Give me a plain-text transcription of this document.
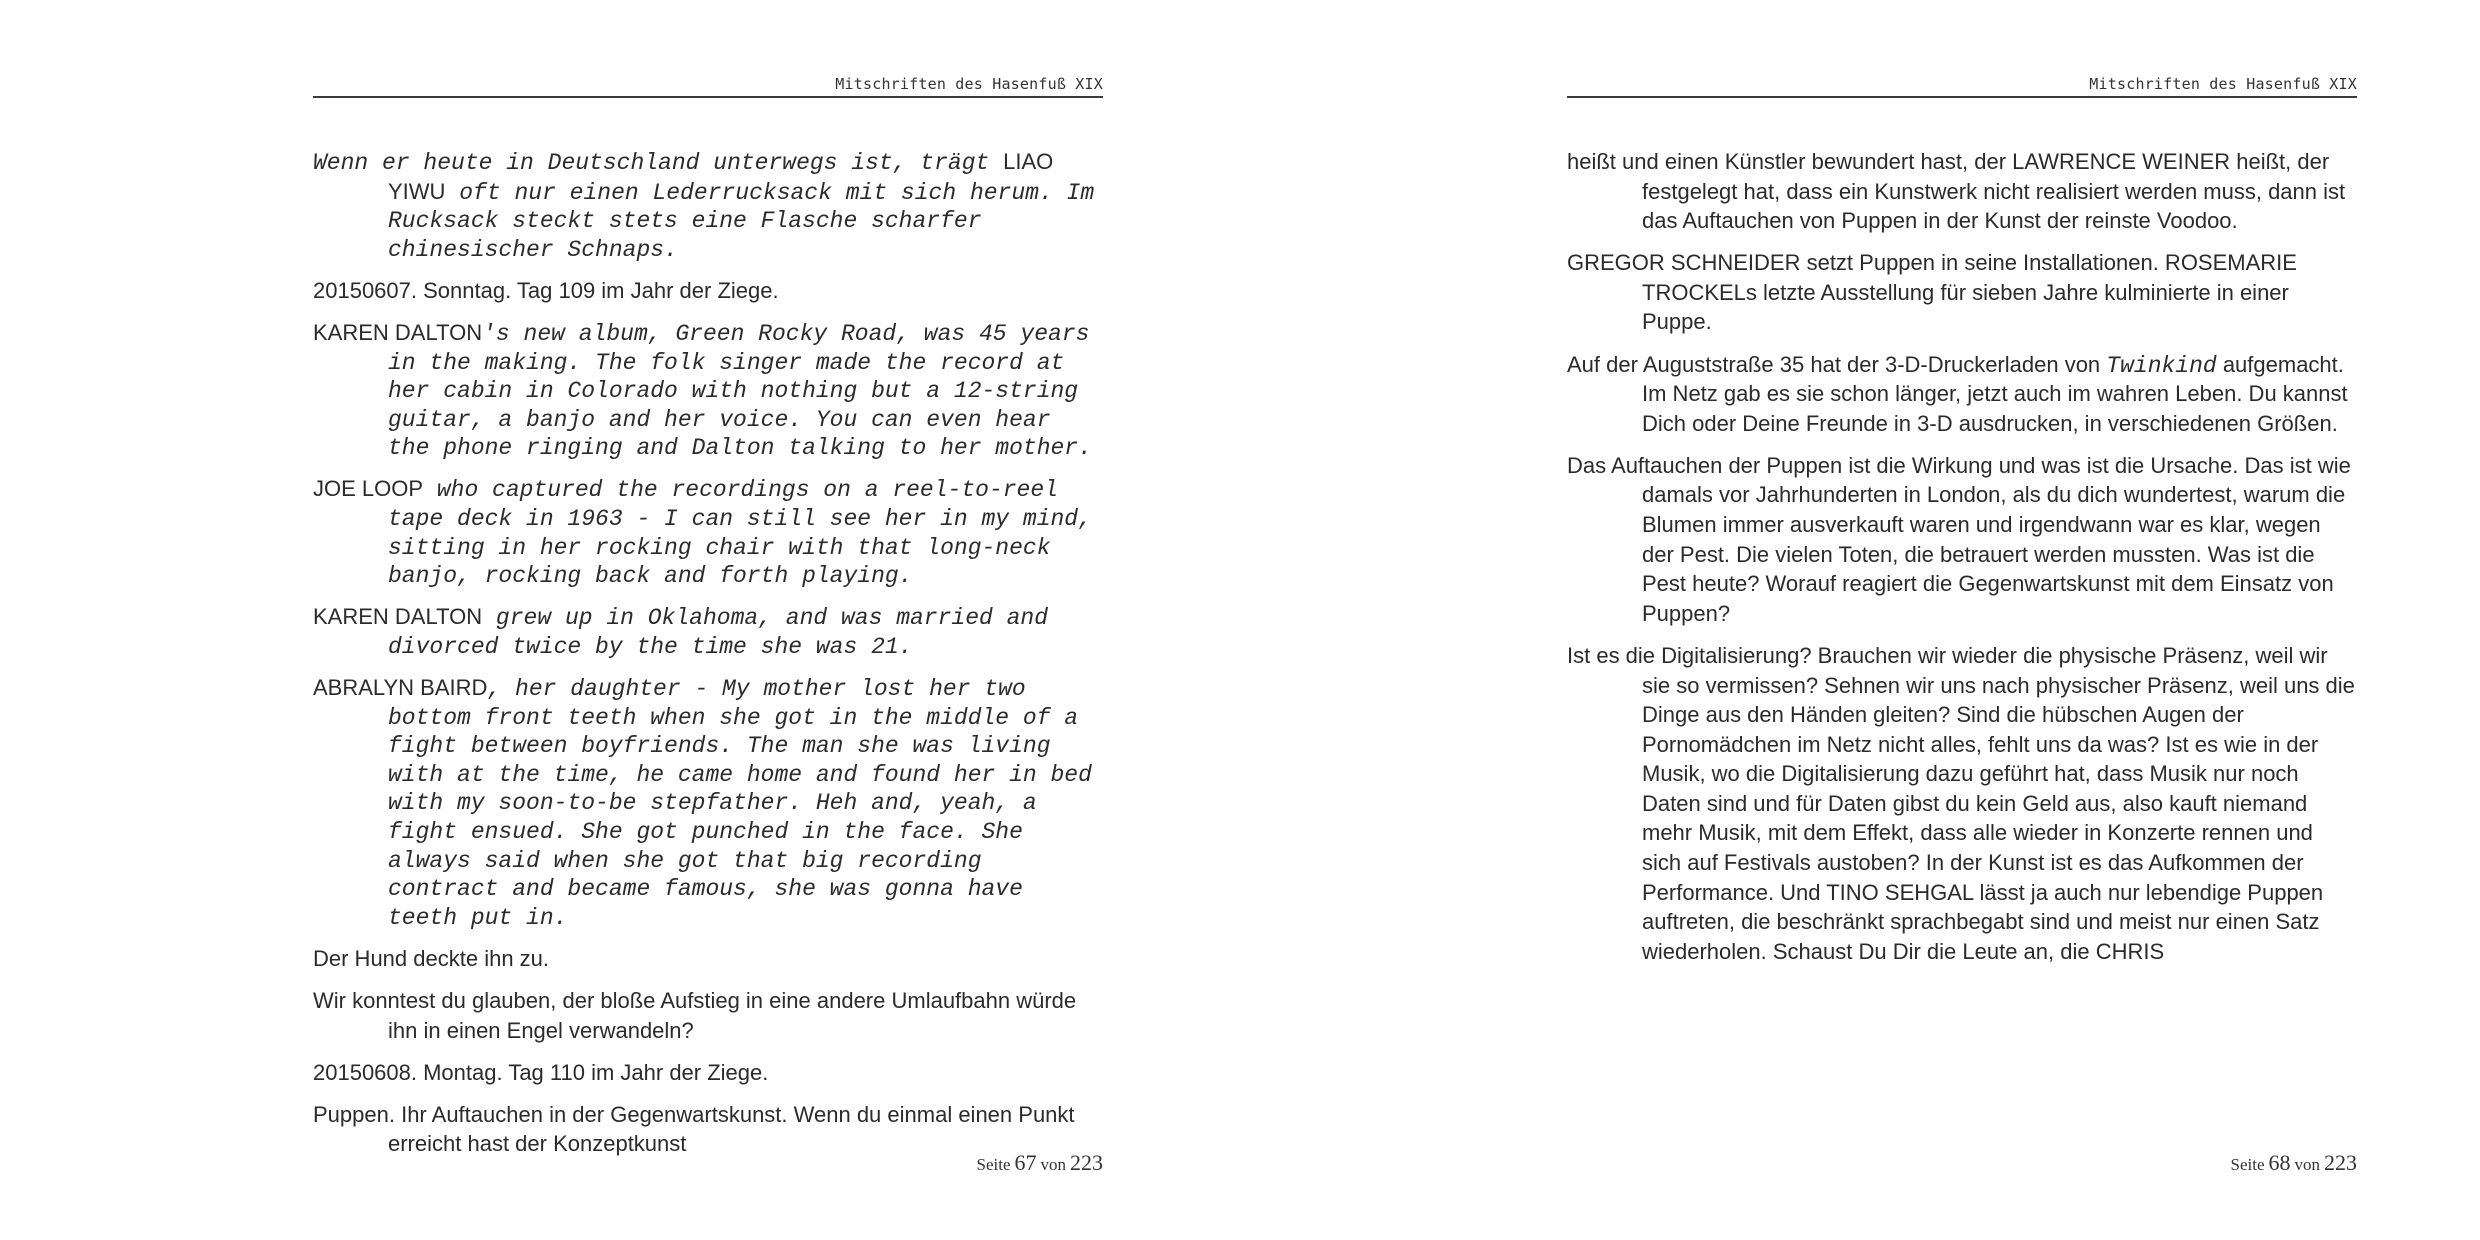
Mitschriften des Hasenfuß XIX

Wenn er heute in Deutschland unterwegs ist, trägt LIAO YIWU oft nur einen Lederrucksack mit sich herum. Im Rucksack steckt stets eine Flasche scharfer chinesischer Schnaps.

20150607. Sonntag. Tag 109 im Jahr der Ziege.

KAREN DALTON's new album, Green Rocky Road, was 45 years in the making. The folk singer made the record at her cabin in Colorado with nothing but a 12-string guitar, a banjo and her voice. You can even hear the phone ringing and Dalton talking to her mother.

JOE LOOP who captured the recordings on a reel-to-reel tape deck in 1963 - I can still see her in my mind, sitting in her rocking chair with that long-neck banjo, rocking back and forth playing.

KAREN DALTON grew up in Oklahoma, and was married and divorced twice by the time she was 21.

ABRALYN BAIRD, her daughter - My mother lost her two bottom front teeth when she got in the middle of a fight between boyfriends. The man she was living with at the time, he came home and found her in bed with my soon-to-be stepfather. Heh and, yeah, a fight ensued. She got punched in the face. She always said when she got that big recording contract and became famous, she was gonna have teeth put in.

Der Hund deckte ihn zu.

Wir konntest du glauben, der bloße Aufstieg in eine andere Umlaufbahn würde ihn in einen Engel verwandeln?

20150608. Montag. Tag 110 im Jahr der Ziege.

Puppen. Ihr Auftauchen in der Gegenwartskunst. Wenn du einmal einen Punkt erreicht hast der Konzeptkunst

Seite 67 von 223
Mitschriften des Hasenfuß XIX

heißt und einen Künstler bewundert hast, der LAWRENCE WEINER heißt, der festgelegt hat, dass ein Kunstwerk nicht realisiert werden muss, dann ist das Auftauchen von Puppen in der Kunst der reinste Voodoo.

GREGOR SCHNEIDER setzt Puppen in seine Installationen. ROSEMARIE TROCKELs letzte Ausstellung für sieben Jahre kulminierte in einer Puppe.

Auf der Auguststraße 35 hat der 3-D-Druckerladen von Twinkind aufgemacht. Im Netz gab es sie schon länger, jetzt auch im wahren Leben. Du kannst Dich oder Deine Freunde in 3-D ausdrucken, in verschiedenen Größen.

Das Auftauchen der Puppen ist die Wirkung und was ist die Ursache. Das ist wie damals vor Jahrhunderten in London, als du dich wundertest, warum die Blumen immer ausverkauft waren und irgendwann war es klar, wegen der Pest. Die vielen Toten, die betrauert werden mussten. Was ist die Pest heute? Worauf reagiert die Gegenwartskunst mit dem Einsatz von Puppen?

Ist es die Digitalisierung? Brauchen wir wieder die physische Präsenz, weil wir sie so vermissen? Sehnen wir uns nach physischer Präsenz, weil uns die Dinge aus den Händen gleiten? Sind die hübschen Augen der Pornomädchen im Netz nicht alles, fehlt uns da was? Ist es wie in der Musik, wo die Digitalisierung dazu geführt hat, dass Musik nur noch Daten sind und für Daten gibst du kein Geld aus, also kauft niemand mehr Musik, mit dem Effekt, dass alle wieder in Konzerte rennen und sich auf Festivals austoben? In der Kunst ist es das Aufkommen der Performance. Und TINO SEHGAL lässt ja auch nur lebendige Puppen auftreten, die beschränkt sprachbegabt sind und meist nur einen Satz wiederholen. Schaust Du Dir die Leute an, die CHRIS

Seite 68 von 223
